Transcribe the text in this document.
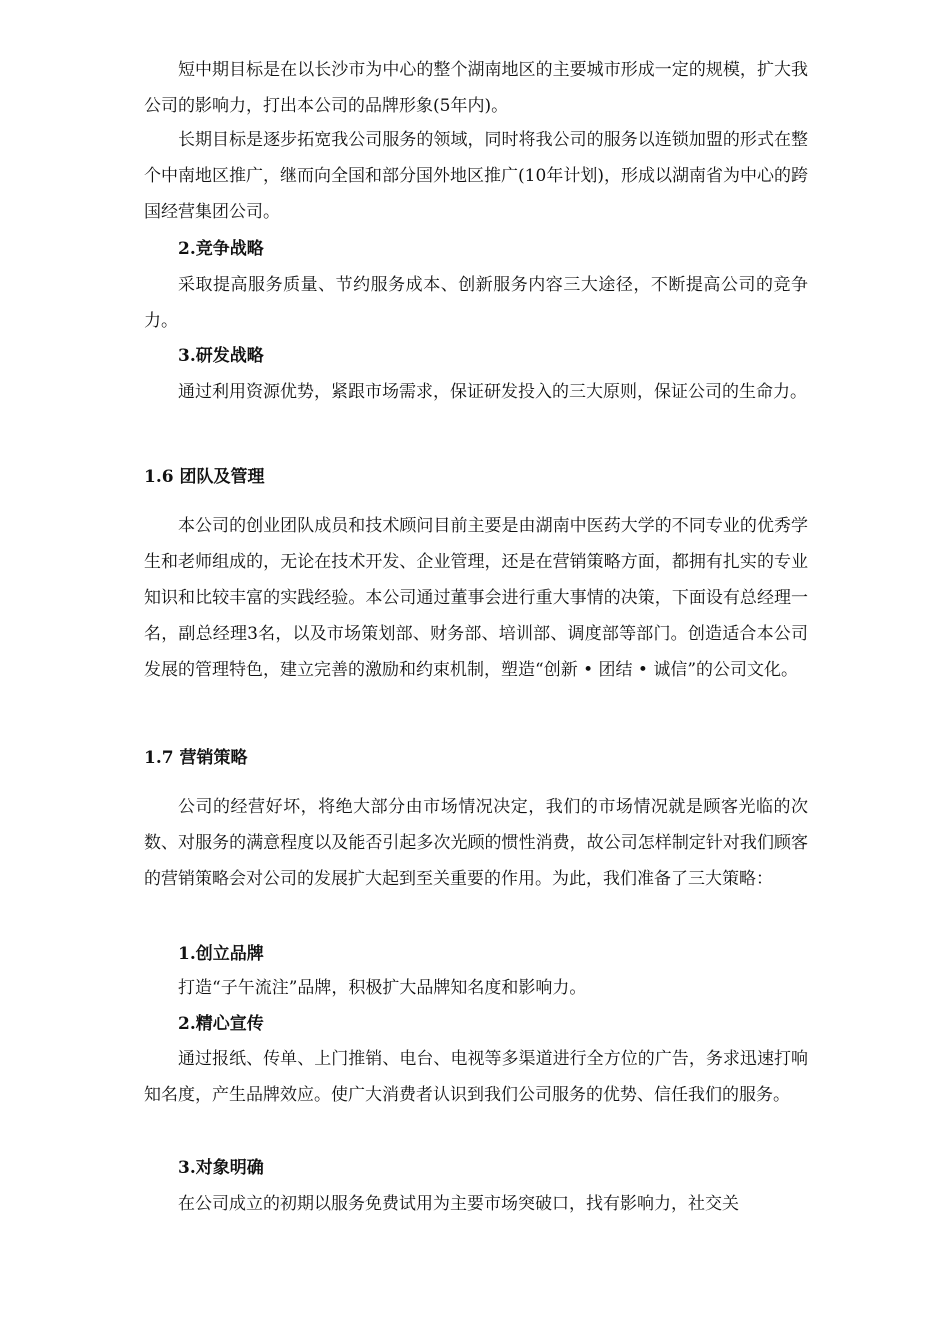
短中期目标是在以长沙市为中心的整个湖南地区的主要城市形成一定的规模，扩大我公司的影响力，打出本公司的品牌形象(5年内)。

长期目标是逐步拓宽我公司服务的领域，同时将我公司的服务以连锁加盟的形式在整个中南地区推广，继而向全国和部分国外地区推广(10年计划)，形成以湖南省为中心的跨国经营集团公司。

2.竞争战略

采取提高服务质量、节约服务成本、创新服务内容三大途径，不断提高公司的竞争力。

3.研发战略

通过利用资源优势，紧跟市场需求，保证研发投入的三大原则，保证公司的生命力。

1.6 团队及管理

本公司的创业团队成员和技术顾问目前主要是由湖南中医药大学的不同专业的优秀学生和老师组成的，无论在技术开发、企业管理，还是在营销策略方面，都拥有扎实的专业知识和比较丰富的实践经验。本公司通过董事会进行重大事情的决策，下面设有总经理一名，副总经理3名，以及市场策划部、财务部、培训部、调度部等部门。创造适合本公司发展的管理特色，建立完善的激励和约束机制，塑造“创新 • 团结 • 诚信”的公司文化。

1.7 营销策略

公司的经营好坏，将绝大部分由市场情况决定，我们的市场情况就是顾客光临的次数、对服务的满意程度以及能否引起多次光顾的惯性消费，故公司怎样制定针对我们顾客的营销策略会对公司的发展扩大起到至关重要的作用。为此，我们准备了三大策略：

1.创立品牌

打造“子午流注”品牌，积极扩大品牌知名度和影响力。

2.精心宣传

通过报纸、传单、上门推销、电台、电视等多渠道进行全方位的广告，务求迅速打响知名度，产生品牌效应。使广大消费者认识到我们公司服务的优势、信任我们的服务。

3.对象明确

在公司成立的初期以服务免费试用为主要市场突破口，找有影响力，社交关
